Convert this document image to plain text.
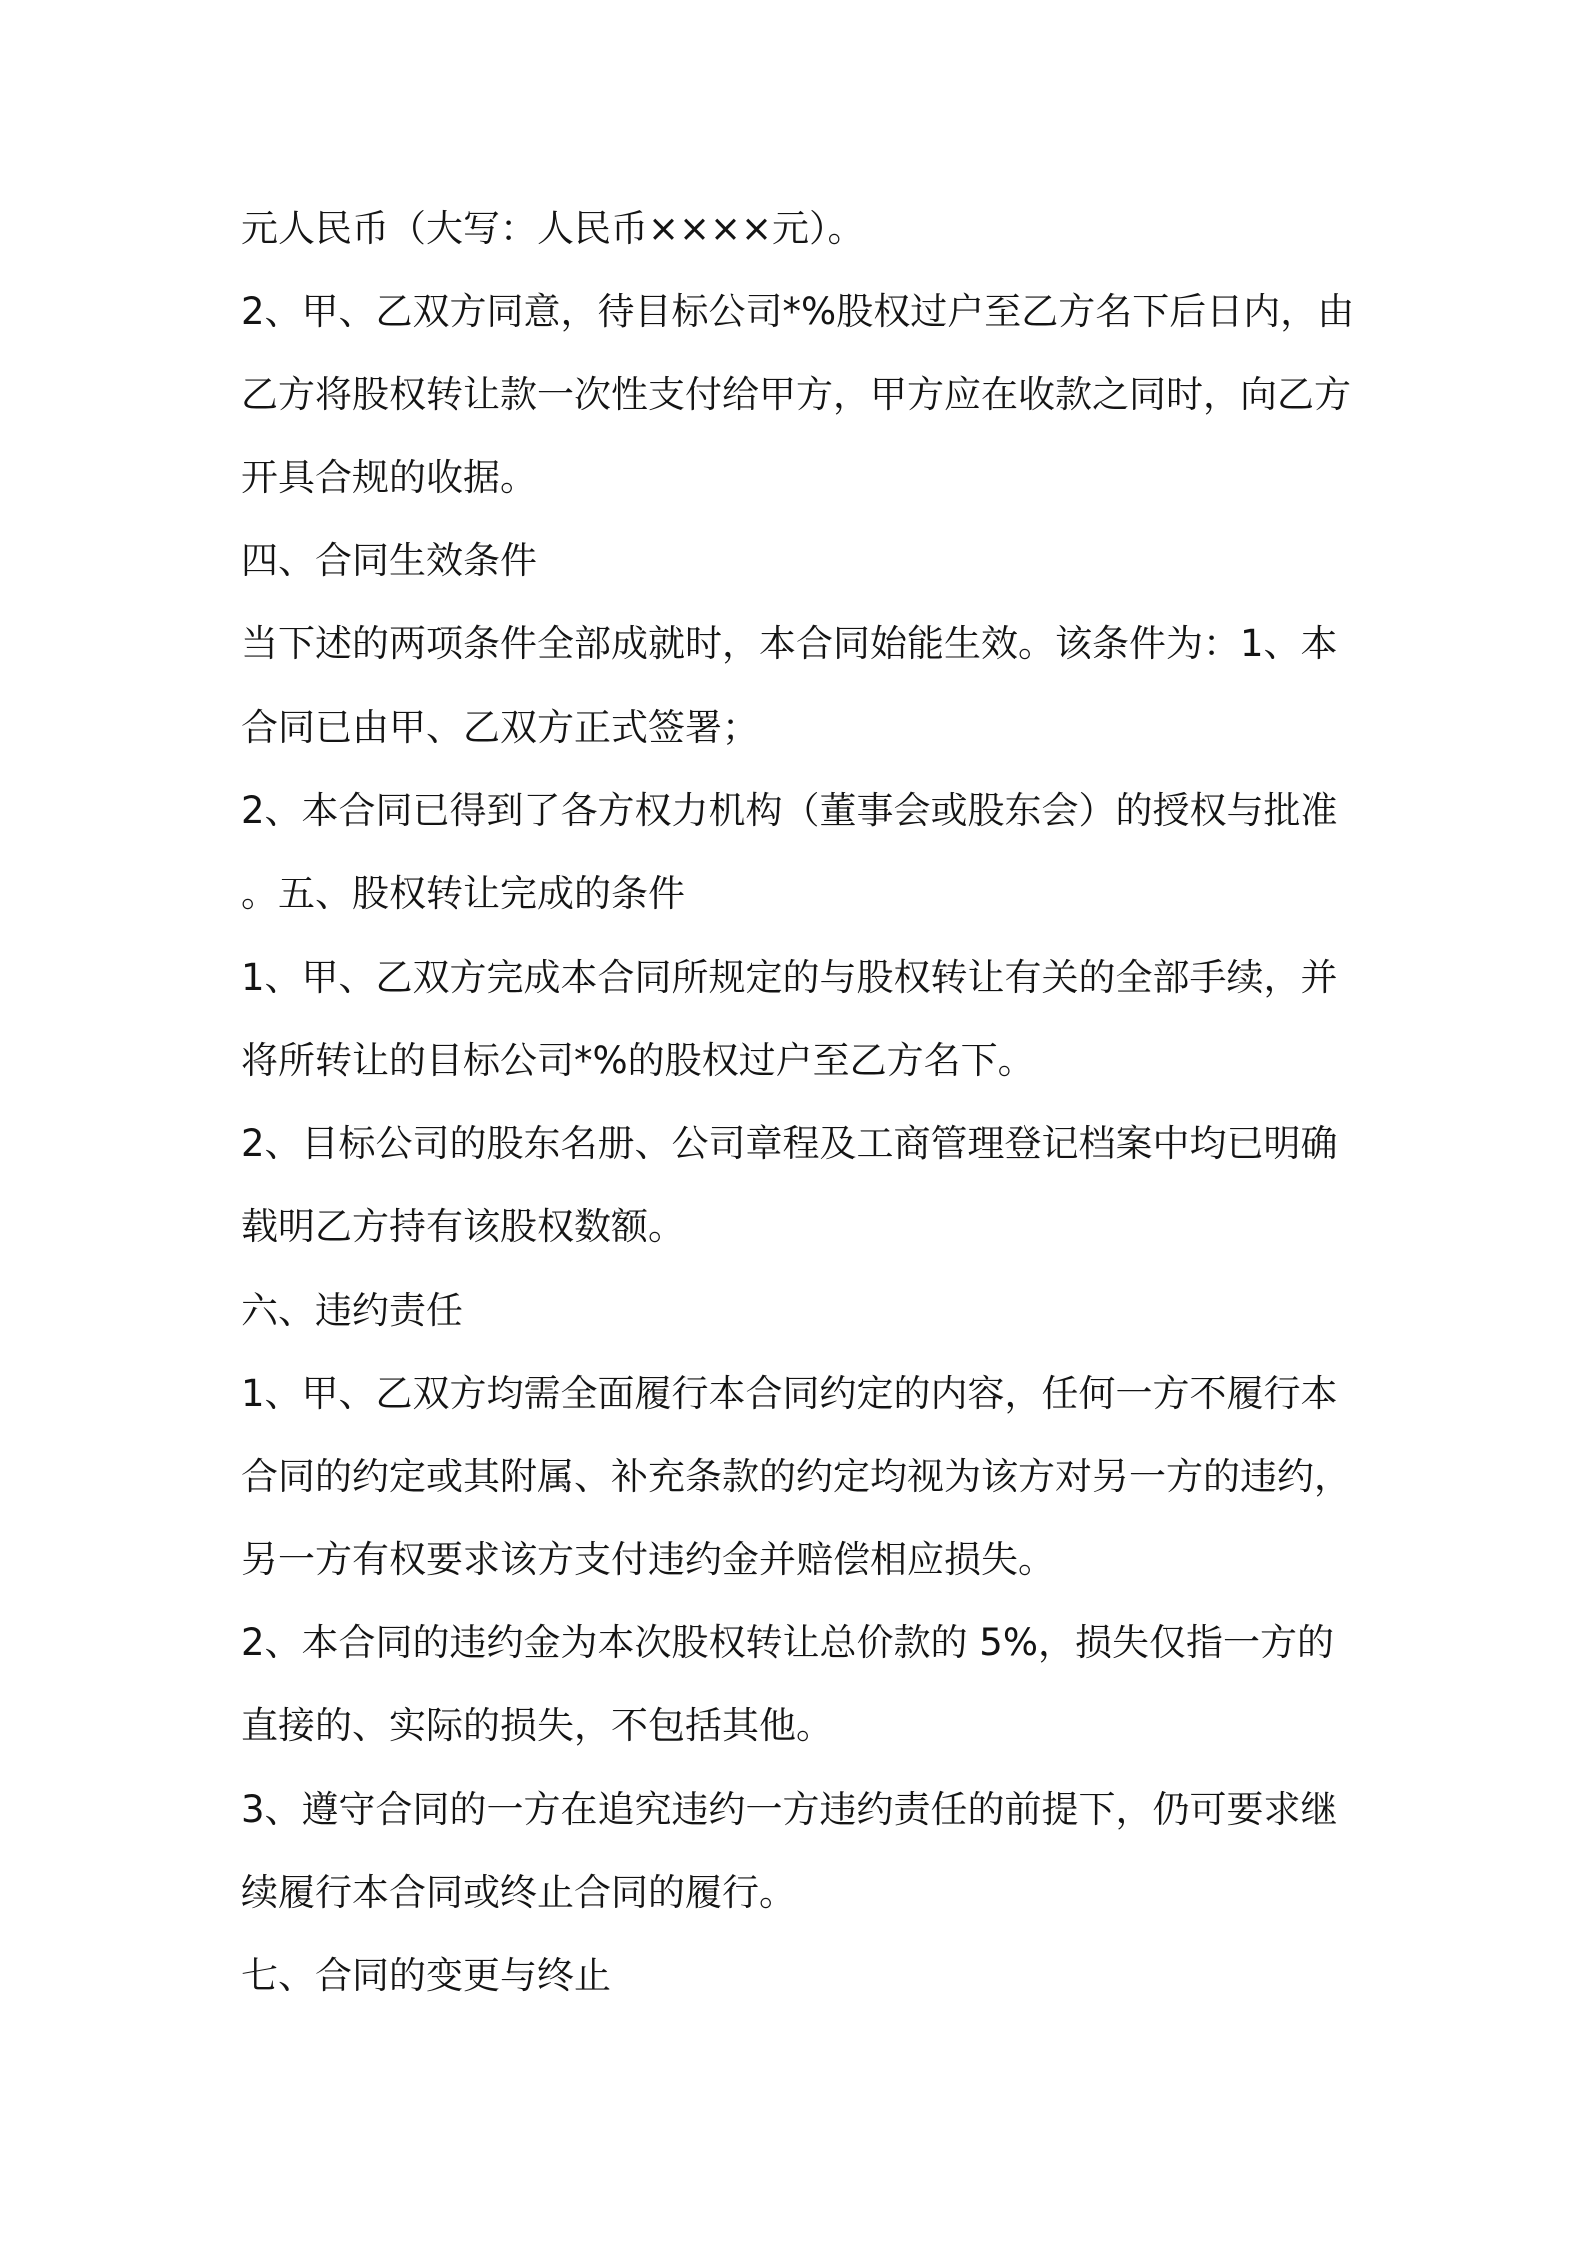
元人民币（大写：人民币××××元）。
2、甲、乙双方同意，待目标公司*%股权过户至乙方名下后日内，由
乙方将股权转让款一次性支付给甲方，甲方应在收款之同时，向乙方
开具合规的收据。
四、合同生效条件
当下述的两项条件全部成就时，本合同始能生效。该条件为：1、本
合同已由甲、乙双方正式签署；
2、本合同已得到了各方权力机构（董事会或股东会）的授权与批准
。五、股权转让完成的条件
1、甲、乙双方完成本合同所规定的与股权转让有关的全部手续，并
将所转让的目标公司*%的股权过户至乙方名下。
2、目标公司的股东名册、公司章程及工商管理登记档案中均已明确
载明乙方持有该股权数额。
六、违约责任
1、甲、乙双方均需全面履行本合同约定的内容，任何一方不履行本
合同的约定或其附属、补充条款的约定均视为该方对另一方的违约，
另一方有权要求该方支付违约金并赔偿相应损失。
2、本合同的违约金为本次股权转让总价款的 5%，损失仅指一方的
直接的、实际的损失，不包括其他。
3、遵守合同的一方在追究违约一方违约责任的前提下，仍可要求继
续履行本合同或终止合同的履行。
七、合同的变更与终止
